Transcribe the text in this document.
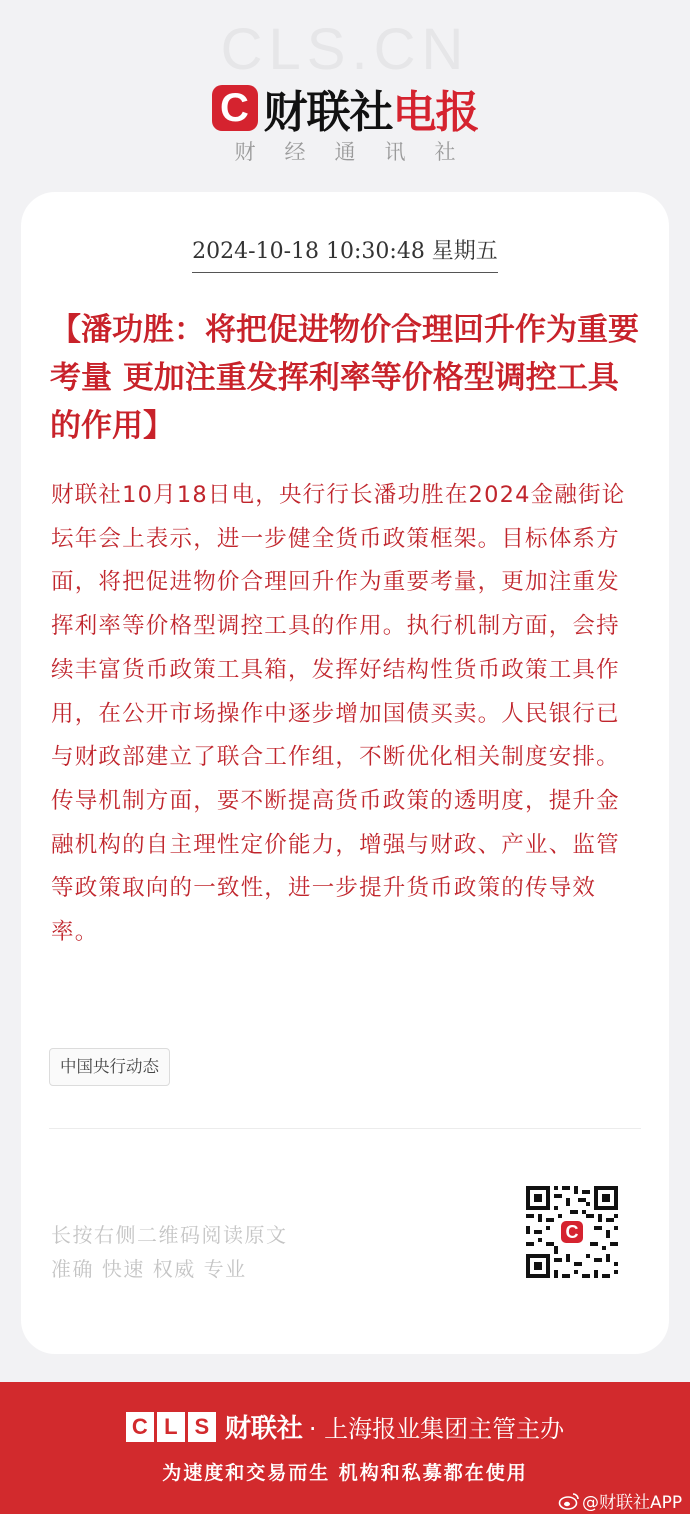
CLS.CN
C 财联社 电报
财经通讯社
2024-10-18 10:30:48 星期五
【潘功胜：将把促进物价合理回升作为重要考量 更加注重发挥利率等价格型调控工具的作用】
财联社10月18日电，央行行长潘功胜在2024金融街论坛年会上表示，进一步健全货币政策框架。目标体系方面，将把促进物价合理回升作为重要考量，更加注重发挥利率等价格型调控工具的作用。执行机制方面，会持续丰富货币政策工具箱，发挥好结构性货币政策工具作用，在公开市场操作中逐步增加国债买卖。人民银行已与财政部建立了联合工作组，不断优化相关制度安排。传导机制方面，要不断提高货币政策的透明度，提升金融机构的自主理性定价能力，增强与财政、产业、监管等政策取向的一致性，进一步提升货币政策的传导效率。
中国央行动态
长按右侧二维码阅读原文
准确 快速 权威 专业
C
C L S 财联社 · 上海报业集团主管主办
为速度和交易而生 机构和私募都在使用
@财联社APP
